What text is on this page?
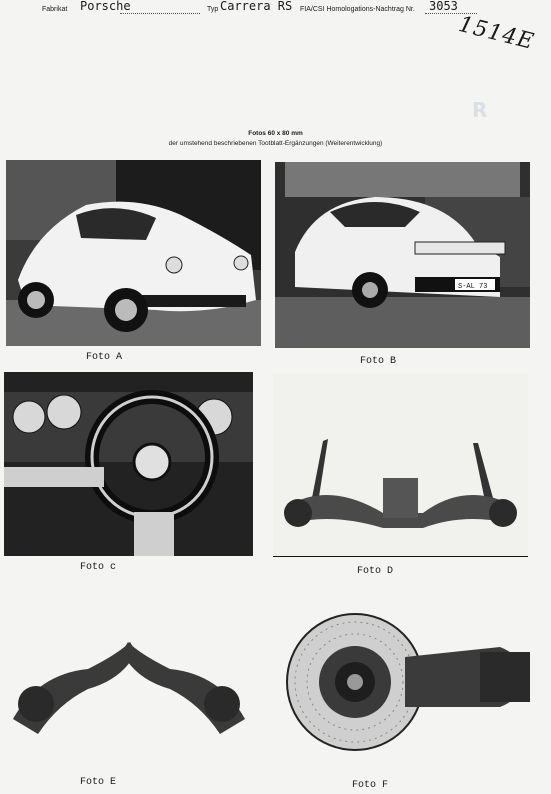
Fabrikat Porsche	Typ Carrera RS FIA/CSI Homologations-Nachtrag Nr. 3053
1514E
R
Fotos 60 x 80 mm
der umstehend beschriebenen Tootblatt-Ergänzungen (Weiterentwicklung)
Foto A
S-AL 73
Foto B
Foto c	Foto D
Foto E	Foto F
